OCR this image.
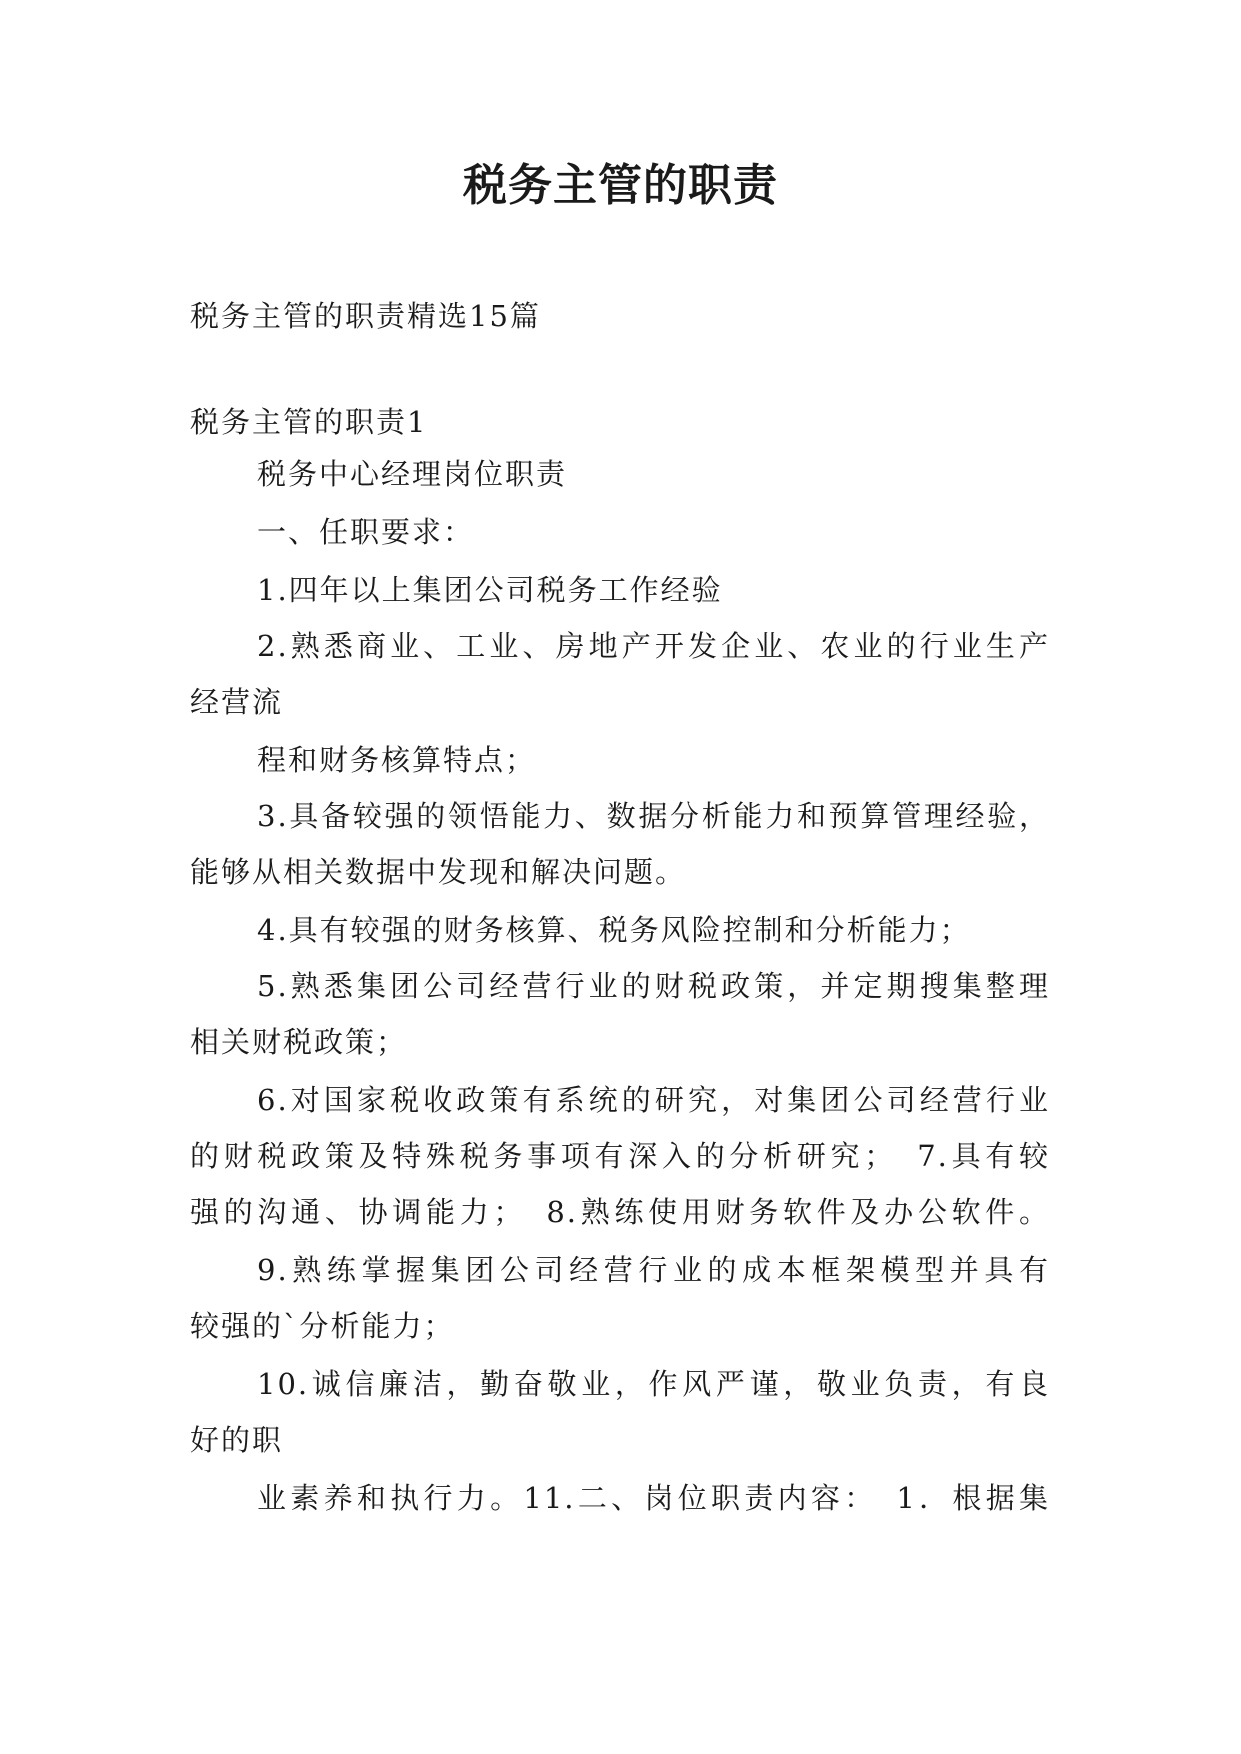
税务主管的职责
税务主管的职责精选15篇
税务主管的职责1
税务中心经理岗位职责
一、任职要求：
1.四年以上集团公司税务工作经验
2.熟悉商业、工业、房地产开发企业、农业的行业生产
经营流
程和财务核算特点；
3.具备较强的领悟能力、数据分析能力和预算管理经验，
能够从相关数据中发现和解决问题。
4.具有较强的财务核算、税务风险控制和分析能力；
5.熟悉集团公司经营行业的财税政策，并定期搜集整理
相关财税政策；
6.对国家税收政策有系统的研究，对集团公司经营行业
的财税政策及特殊税务事项有深入的分析研究；　7.具有较
强的沟通、协调能力；　8.熟练使用财务软件及办公软件。
9.熟练掌握集团公司经营行业的成本框架模型并具有
较强的`分析能力；
10.诚信廉洁，勤奋敬业，作风严谨，敬业负责，有良
好的职
业素养和执行力。11.二、岗位职责内容：　1．根据集
